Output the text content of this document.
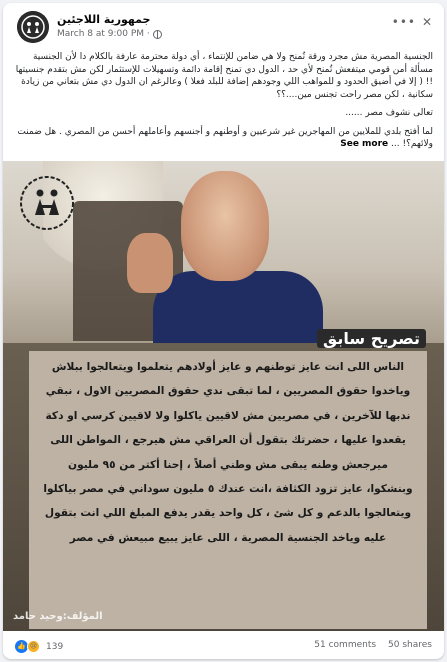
جمهورية اللاجئين
March 8 at 9:00 PM ·
••• ✕

الجنسية المصرية مش مجرد ورقة تُمنح ولا هي ضامن للإنتماء ، أي دولة محترمة عارفة بالكلام دا لأن الجنسية مسألة أمن قومي ميتفعش تُمنح لأي حد ، الدول دي تمنح إقامة دائمة وتسهيلات للإستثمار لكن مش بتقدم جنسيتها !! ( إلا في أضيق الحدود و للمواهب اللي وجودهم إضافة للبلد فعلا ) وعالرغم ان الدول دي مش بتعاني من زيادة سكانية ، لكن مصر راحت تجنس مين....؟؟

تعالى نشوف مصر ......

لما أفتح بلدي للملايين من المهاجرين غير شرعيين و أوطنهم و أجنسهم وأعاملهم أحسن من المصري . هل ضمنت ولائهم؟! ... See more

تصريح سابق
الناس اللى انت عايز توطنهم و عايز أولادهم يتعلموا ويتعالجوا ببلاش
وياخدوا حقوق المصريين ، لما تبقى ندي حقوق المصريين الاول ، نبقي
ندبها للآخرين ، في مصريين مش لاقيين ياكلوا ولا لاقيين كرسي او دكة
يقعدوا عليها ، حضرتك بتقول أن العراقي مش هيرجع ، المواطن اللى
ميرجعش وطنه يبقى مش وطني أصلاً ، إحنا أكتر من ٩٥ مليون
وبنشكوا، عايز تزود الكثافة ،انت عندك ٥ مليون سوداني في مصر بياكلوا
ويتعالجوا بالدعم و كل شئ ، كل واحد يقدر يدفع المبلغ اللي انت بتقول
عليه وياخد الجنسية المصرية ، اللى عايز يبيع مبيعش في مصر
المؤلف:وحيد حامد
👍 😢 139	51 comments 50 shares
